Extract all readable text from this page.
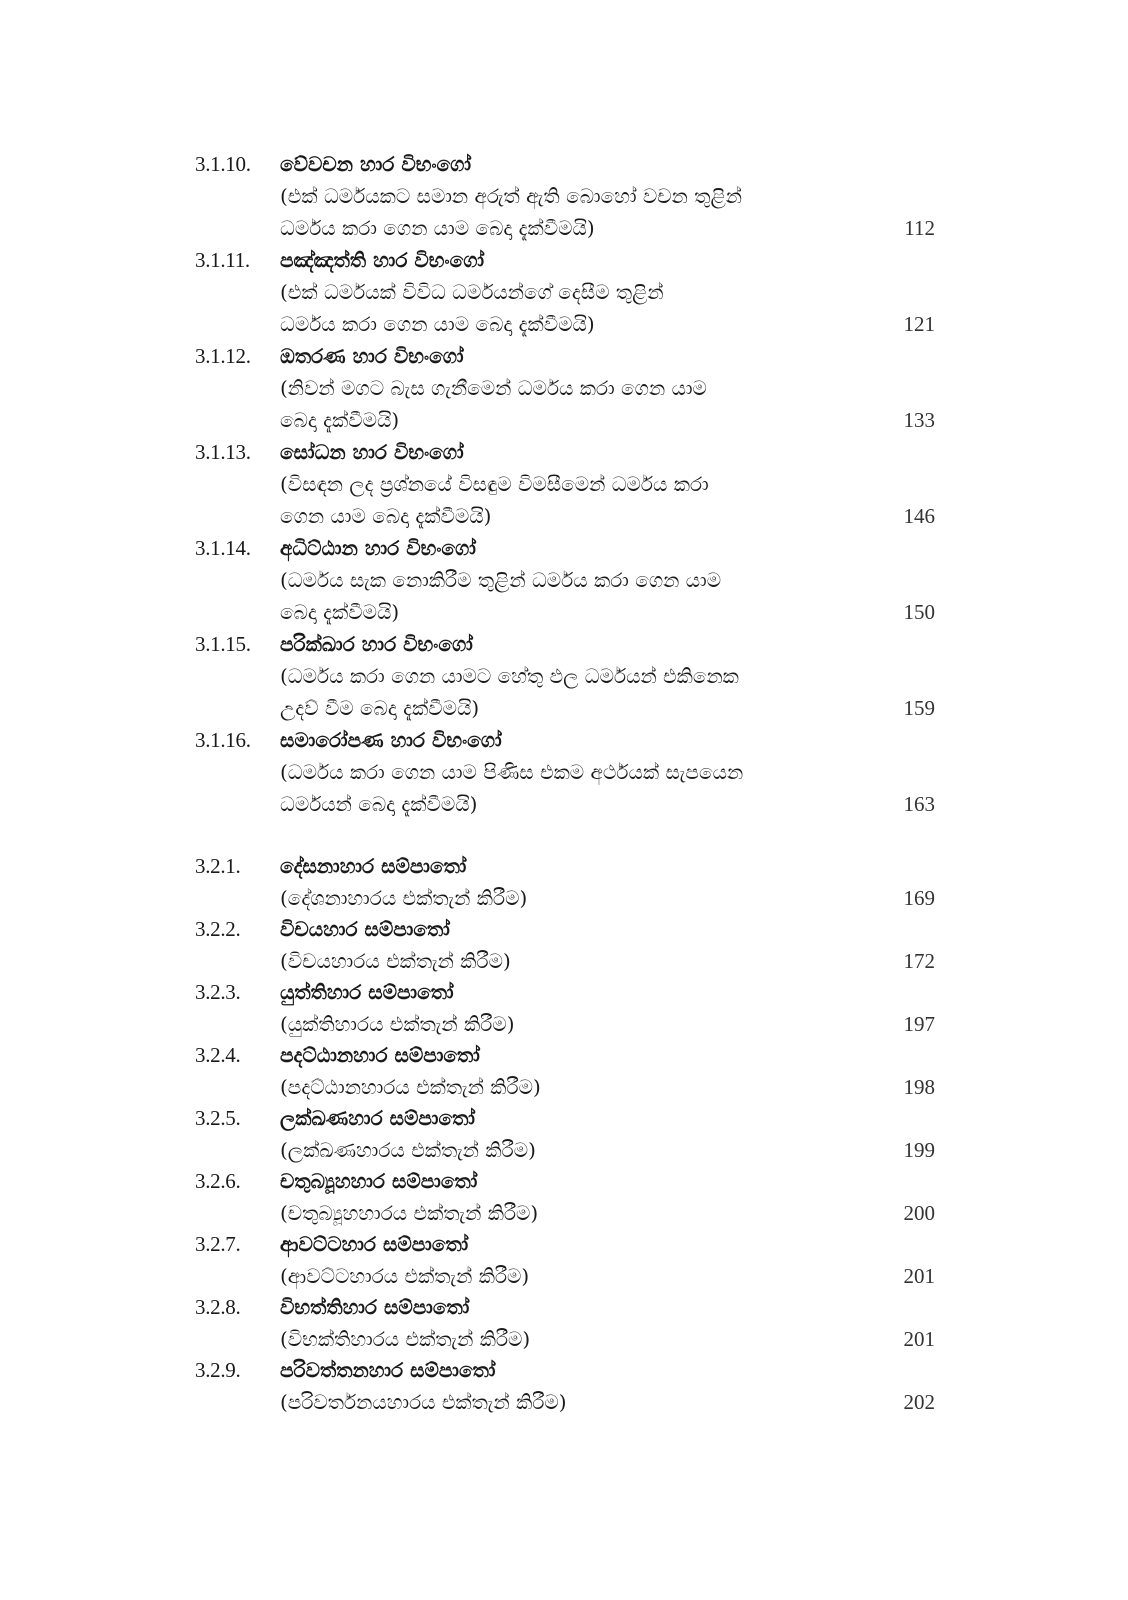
3.1.10.	වේවචන හාර විභංගෝ
(එක් ධර්මයකට සමාන අරුත් ඇති බොහෝ වචන තුළින්
ධර්මය කරා ගෙන යාම බෙදා දැක්වීමයි)	112
3.1.11.	පඤ්ඤත්ති හාර විභංගෝ
(එක් ධර්මයක් විවිධ ධර්මයන්ගේ දෙසීම තුළින්
ධර්මය කරා ගෙන යාම බෙදා දැක්වීමයි)	121
3.1.12.	ඔතරණ හාර විභංගෝ
(නිවන් මගට බැස ගැනීමෙන් ධර්මය කරා ගෙන යාම
බෙදා දැක්වීමයි)	133
3.1.13.	සෝධන හාර විභංගෝ
(විසඳන ලද ප්‍රශ්නයේ විසඳුම විමසීමෙන් ධර්මය කරා
ගෙන යාම බෙදා දැක්වීමයි)	146
3.1.14.	අධිට්ඨාන හාර විභංගෝ
(ධර්මය සැක නොකිරීම තුළින් ධර්මය කරා ගෙන යාම
බෙදා දැක්වීමයි)	150
3.1.15.	පරික්ඛාර හාර විභංගෝ
(ධර්මය කරා ගෙන යාමට හේතු ඵල ධර්මයන් එකිනෙක
උදව් වීම බෙදා දැක්වීමයි)	159
3.1.16.	සමාරෝපණ හාර විභංගෝ
(ධර්මය කරා ගෙන යාම පිණිස එකම අර්ථයක් සැපයෙන
ධර්මයන් බෙදා දැක්වීමයි)	163
3.2.1.	දේසනාහාර සම්පාතෝ
(දේශනාහාරය එක්තැන් කිරීම)	169
3.2.2.	විචයහාර සම්පාතෝ
(විචයහාරය එක්තැන් කිරීම)	172
3.2.3.	යුත්තිහාර සම්පාතෝ
(යුක්තිහාරය එක්තැන් කිරීම)	197
3.2.4.	පදට්ඨානහාර සම්පාතෝ
(පදට්ඨානහාරය එක්තැන් කිරීම)	198
3.2.5.	ලක්ඛණහාර සම්පාතෝ
(ලක්ඛණහාරය එක්තැන් කිරීම)	199
3.2.6.	චතුබ්‍යූහහාර සම්පාතෝ
(චතුබ්‍යූහහාරය එක්තැන් කිරීම)	200
3.2.7.	ආවට්ටහාර සම්පාතෝ
(ආවට්ටහාරය එක්තැන් කිරීම)	201
3.2.8.	විභත්තිහාර සම්පාතෝ
(විභක්තිහාරය එක්තැන් කිරීම)	201
3.2.9.	පරිවත්තනහාර සම්පාතෝ
(පරිවර්තනයහාරය එක්තැන් කිරීම)	202
